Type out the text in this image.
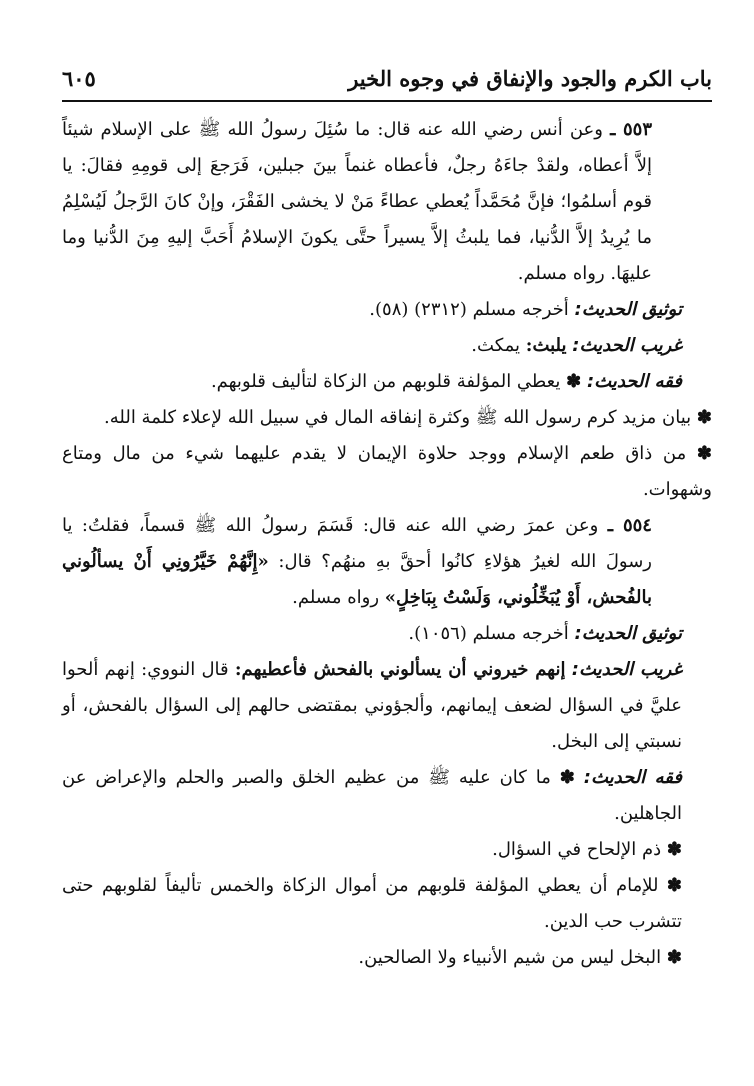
باب الكرم والجود والإنفاق في وجوه الخير
٦٠٥

٥٥٣ ـ وعن أنس رضي الله عنه قال: ما سُئِلَ رسولُ الله ﷺ على الإسلام شيئاً إلاَّ أعطاه، ولقدْ جاءَهُ رجلٌ، فأعطاه غنماً بينَ جبلين، فَرَجعَ إلى قومِهِ فقالَ: يا قوم أسلمُوا؛ فإنَّ مُحَمَّداً يُعطي عطاءً مَنْ لا يخشى الفَقْرَ، وإنْ كانَ الرَّجلُ لَيُسْلِمُ ما يُرِيدُ إلاَّ الدُّنيا، فما يلبثُ إلاَّ يسيراً حتَّى يكونَ الإسلامُ أَحَبَّ إليهِ مِنَ الدُّنيا وما عليهَا. رواه مسلم.

توثيق الحديث: أخرجه مسلم (٢٣١٢) (٥٨).

غريب الحديث: يلبث: يمكث.

فقه الحديث: ✽ يعطي المؤلفة قلوبهم من الزكاة لتأليف قلوبهم.

✽ بيان مزيد كرم رسول الله ﷺ وكثرة إنفاقه المال في سبيل الله لإعلاء كلمة الله.

✽ من ذاق طعم الإسلام ووجد حلاوة الإيمان لا يقدم عليهما شيء من مال ومتاع وشهوات.

٥٥٤ ـ وعن عمرَ رضي الله عنه قال: قَسَمَ رسولُ الله ﷺ قسماً، فقلتُ: يا رسولَ الله لغيرُ هؤلاءِ كانُوا أحقَّ بهِ منهُم؟ قال: «إِنَّهُمْ خَيَّرُونِي أَنْ يسألُوني بالفُحش، أَوْ يُبَخِّلُوني، وَلَسْتُ بِبَاخِلٍ» رواه مسلم.

توثيق الحديث: أخرجه مسلم (١٠٥٦).

غريب الحديث: إنهم خيروني أن يسألوني بالفحش فأعطيهم: قال النووي: إنهم ألحوا عليَّ في السؤال لضعف إيمانهم، وألجؤوني بمقتضى حالهم إلى السؤال بالفحش، أو نسبتي إلى البخل.

فقه الحديث: ✽ ما كان عليه ﷺ من عظيم الخلق والصبر والحلم والإعراض عن الجاهلين.

✽ ذم الإلحاح في السؤال.

✽ للإمام أن يعطي المؤلفة قلوبهم من أموال الزكاة والخمس تأليفاً لقلوبهم حتى تتشرب حب الدين.

✽ البخل ليس من شيم الأنبياء ولا الصالحين.
